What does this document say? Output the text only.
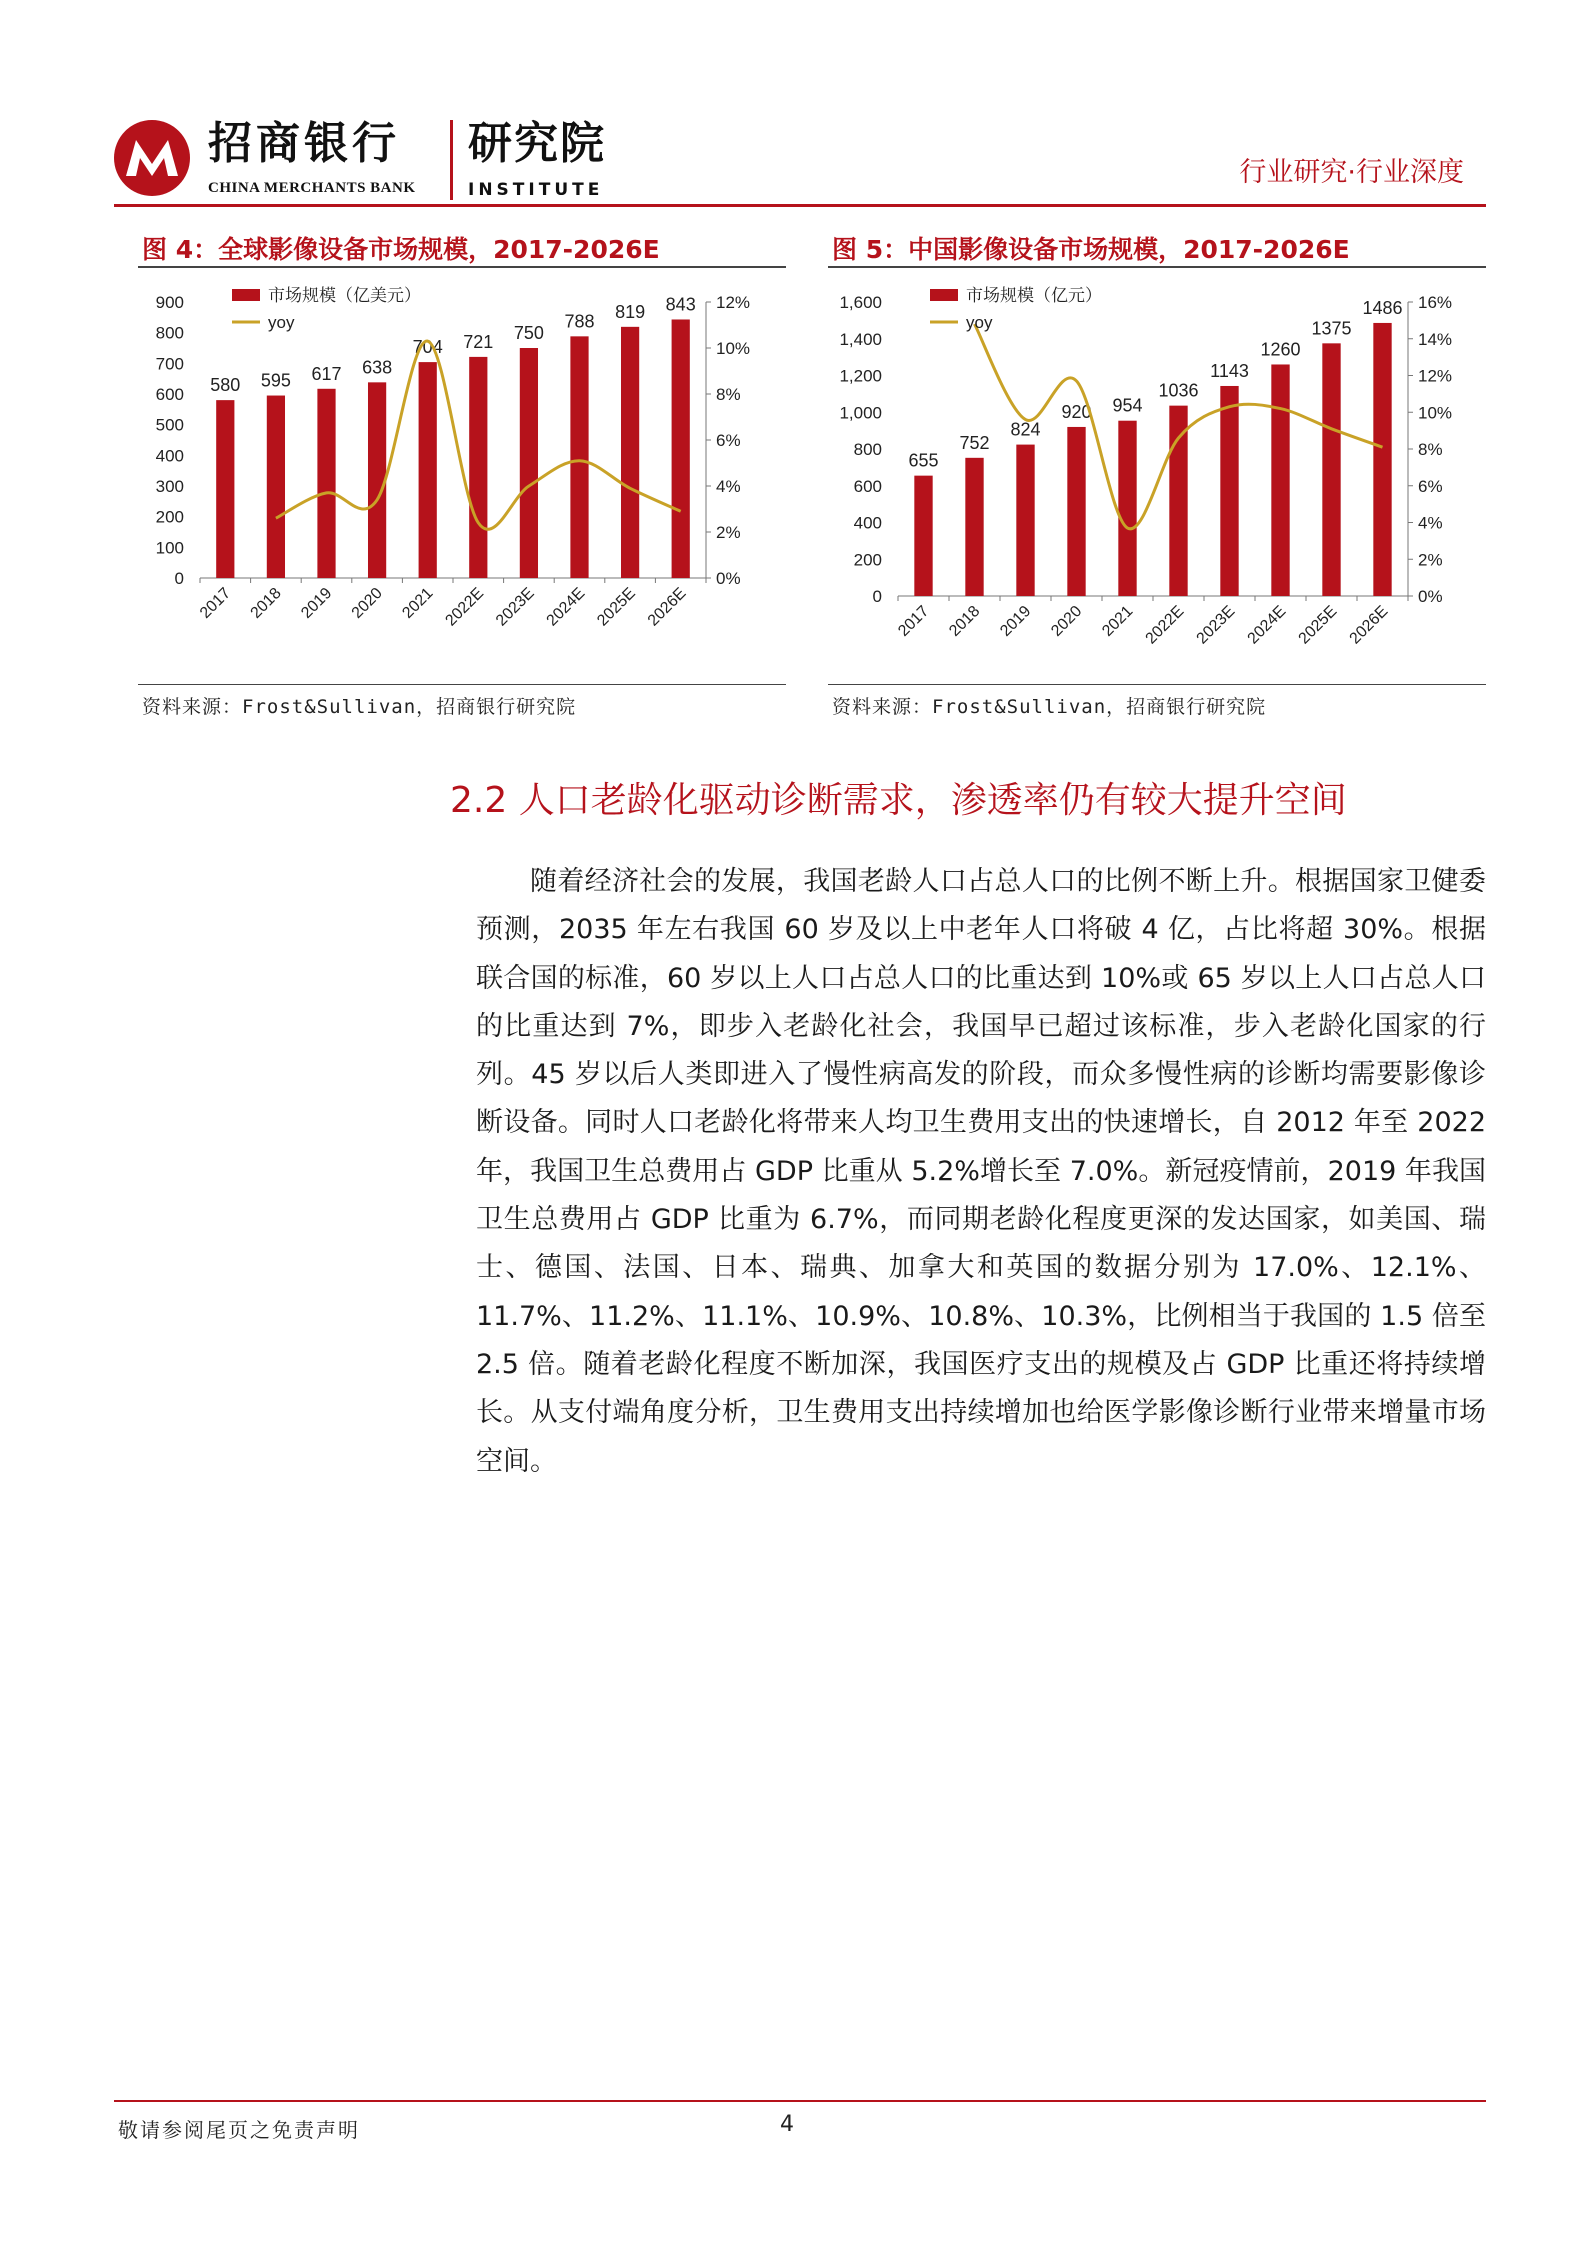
招商银行
CHINA MERCHANTS BANK
研究院
INSTITUTE
行业研究·行业深度
图 4：全球影像设备市场规模，2017-2026E
0
100
200
300
400
500
600
700
800
900
0%
2%
4%
6%
8%
10%
12%
580
2017
595
2018
617
2019
638
2020
704
2021
721
2022E
750
2023E
788
2024E
819
2025E
843
2026E
市场规模（亿美元）
yoy
资料来源：Frost&Sullivan，招商银行研究院
图 5：中国影像设备市场规模，2017-2026E
0
200
400
600
800
1,000
1,200
1,400
1,600
0%
2%
4%
6%
8%
10%
12%
14%
16%
655
2017
752
2018
824
2019
920
2020
954
2021
1036
2022E
1143
2023E
1260
2024E
1375
2025E
1486
2026E
市场规模（亿元）
yoy
资料来源：Frost&Sullivan，招商银行研究院
2.2 人口老龄化驱动诊断需求，渗透率仍有较大提升空间

随着经济社会的发展，我国老龄人口占总人口的比例不断上升。根据国家卫健委预测，2035 年左右我国 60 岁及以上中老年人口将破 4 亿，占比将超 30%。根据联合国的标准，60 岁以上人口占总人口的比重达到 10%或 65 岁以上人口占总人口的比重达到 7%，即步入老龄化社会，我国早已超过该标准，步入老龄化国家的行列。45 岁以后人类即进入了慢性病高发的阶段，而众多慢性病的诊断均需要影像诊断设备。同时人口老龄化将带来人均卫生费用支出的快速增长，自 2012 年至 2022 年，我国卫生总费用占 GDP 比重从 5.2%增长至 7.0%。新冠疫情前，2019 年我国卫生总费用占 GDP 比重为 6.7%，而同期老龄化程度更深的发达国家，如美国、瑞士、德国、法国、日本、瑞典、加拿大和英国的数据分别为 17.0%、12.1%、11.7%、11.2%、11.1%、10.9%、10.8%、10.3%，比例相当于我国的 1.5 倍至 2.5 倍。随着老龄化程度不断加深，我国医疗支出的规模及占 GDP 比重还将持续增长。从支付端角度分析，卫生费用支出持续增加也给医学影像诊断行业带来增量市场空间。

敬请参阅尾页之免责声明	4
